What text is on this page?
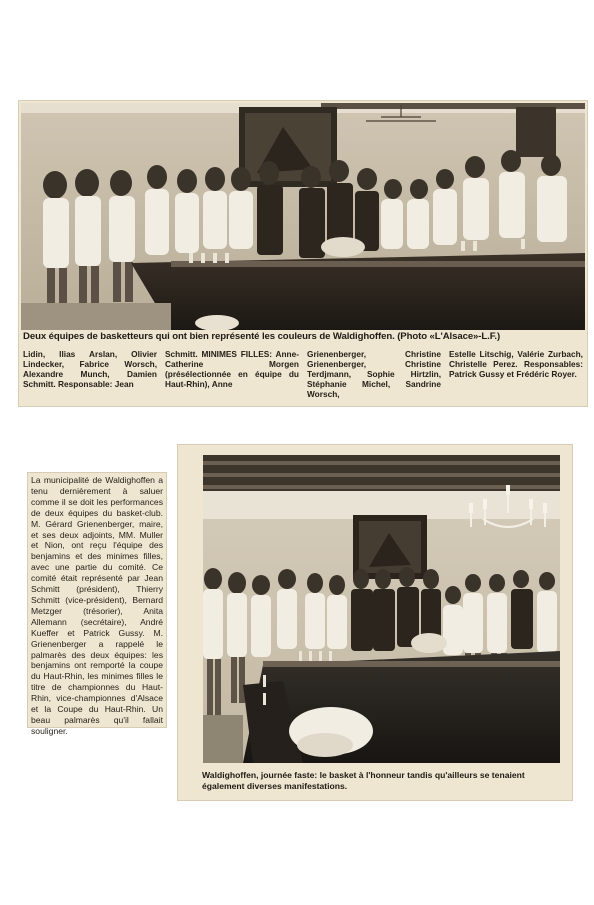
Deux équipes de basketteurs qui ont bien représenté les couleurs de Waldighoffen. (Photo «L'Alsace»-L.F.)
Lidin, Ilias Arslan, Olivier Lindecker, Fabrice Worsch, Alexandre Munch, Damien Schmitt. Responsable: Jean
Schmitt. MINIMES FILLES: Anne-Catherine Morgen (présélectionnée en équipe du Haut-Rhin), Anne
Grienenberger, Christine Grienenberger, Christine Terdjmann, Sophie Hirtzlin, Stéphanie Michel, Sandrine Worsch,
Estelle Litschig, Valérie Zurbach, Christelle Perez. Responsables: Patrick Gussy et Frédéric Royer.
La municipalité de Waldighoffen a tenu dernièrement à saluer comme il se doit les performances de deux équipes du basket-club. M. Gérard Grienenberger, maire, et ses deux adjoints, MM. Muller et Nion, ont reçu l'équipe des benjamins et des minimes filles, avec une partie du comité. Ce comité était représenté par Jean Schmitt (président), Thierry Schmitt (vice-président), Bernard Metzger (trésorier), Anita Allemann (secrétaire), André Kueffer et Patrick Gussy. M. Grienenberger a rappelé le palmarès des deux équipes: les benjamins ont remporté la coupe du Haut-Rhin, les minimes filles le titre de championnes du Haut-Rhin, vice-championnes d'Alsace et la Coupe du Haut-Rhin. Un beau palmarès qu'il fallait souligner.
Waldighoffen, journée faste: le basket à l'honneur tandis qu'ailleurs se tenaient également diverses manifestations.
